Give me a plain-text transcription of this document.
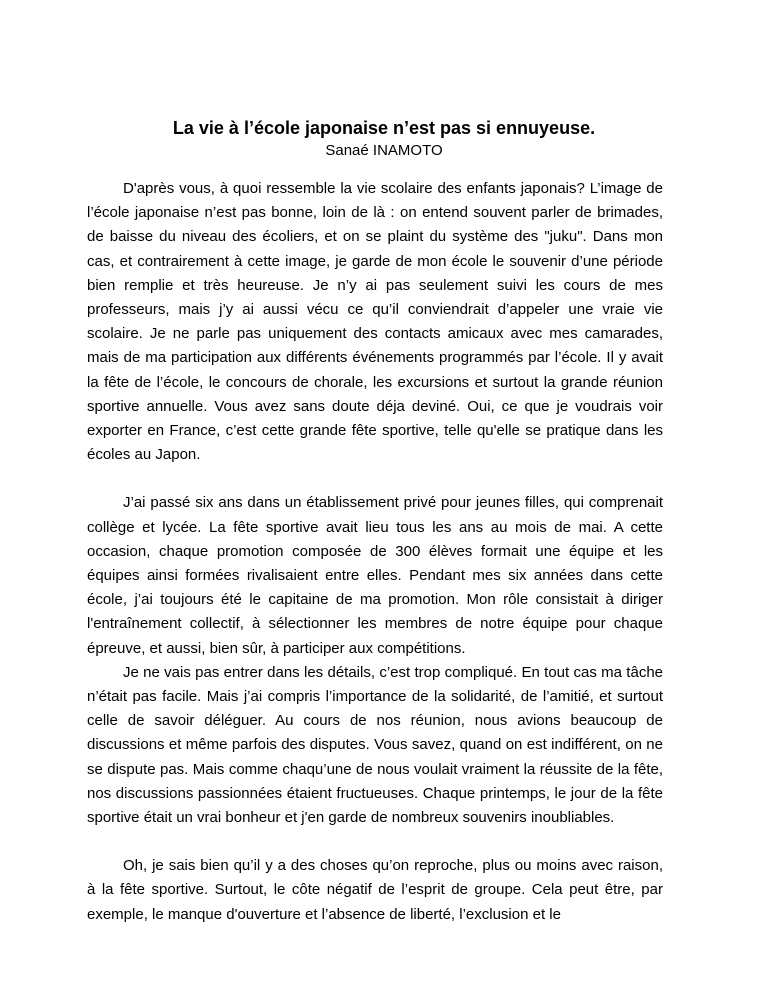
La vie à l’école japonaise n’est pas si ennuyeuse.
Sanaé INAMOTO

D'après vous, à quoi ressemble la vie scolaire des enfants japonais? L’image de l’école japonaise n’est pas bonne, loin de là : on entend souvent parler de brimades, de baisse du niveau des écoliers, et on se plaint du système des "juku". Dans mon cas, et contrairement à cette image, je garde de mon école le souvenir d’une période bien remplie et très heureuse. Je n’y ai pas seulement suivi les cours de mes professeurs, mais j’y ai aussi vécu ce qu’il conviendrait d’appeler une vraie vie scolaire. Je ne parle pas uniquement des contacts amicaux avec mes camarades, mais de ma participation aux différents événements programmés par l’école. Il y avait la fête de l’école, le concours de chorale, les excursions et surtout la grande réunion sportive annuelle. Vous avez sans doute déja deviné. Oui, ce que je voudrais voir exporter en France, c’est cette grande fête sportive, telle qu'elle se pratique dans les écoles au Japon.

J’ai passé six ans dans un établissement privé pour jeunes filles, qui comprenait collège et lycée. La fête sportive avait lieu tous les ans au mois de mai. A cette occasion, chaque promotion composée de 300 élèves formait une équipe et les équipes ainsi formées rivalisaient entre elles. Pendant mes six années dans cette école, j’ai toujours été le capitaine de ma promotion. Mon rôle consistait à diriger l'entraînement collectif, à sélectionner les membres de notre équipe pour chaque épreuve, et aussi, bien sûr, à participer aux compétitions.

Je ne vais pas entrer dans les détails, c’est trop compliqué. En tout cas ma tâche n’était pas facile. Mais j’ai compris l’importance de la solidarité, de l’amitié, et surtout celle de savoir déléguer. Au cours de nos réunion, nous avions beaucoup de discussions et même parfois des disputes. Vous savez, quand on est indifférent, on ne se dispute pas. Mais comme chaqu’une de nous voulait vraiment la réussite de la fête, nos discussions passionnées étaient fructueuses. Chaque printemps, le jour de la fête sportive était un vrai bonheur et j'en garde de nombreux souvenirs inoubliables.

Oh, je sais bien qu’il y a des choses qu’on reproche, plus ou moins avec raison, à la fête sportive. Surtout, le côte négatif de l’esprit de groupe. Cela peut être, par exemple, le manque d'ouverture et l’absence de liberté, l’exclusion et le
